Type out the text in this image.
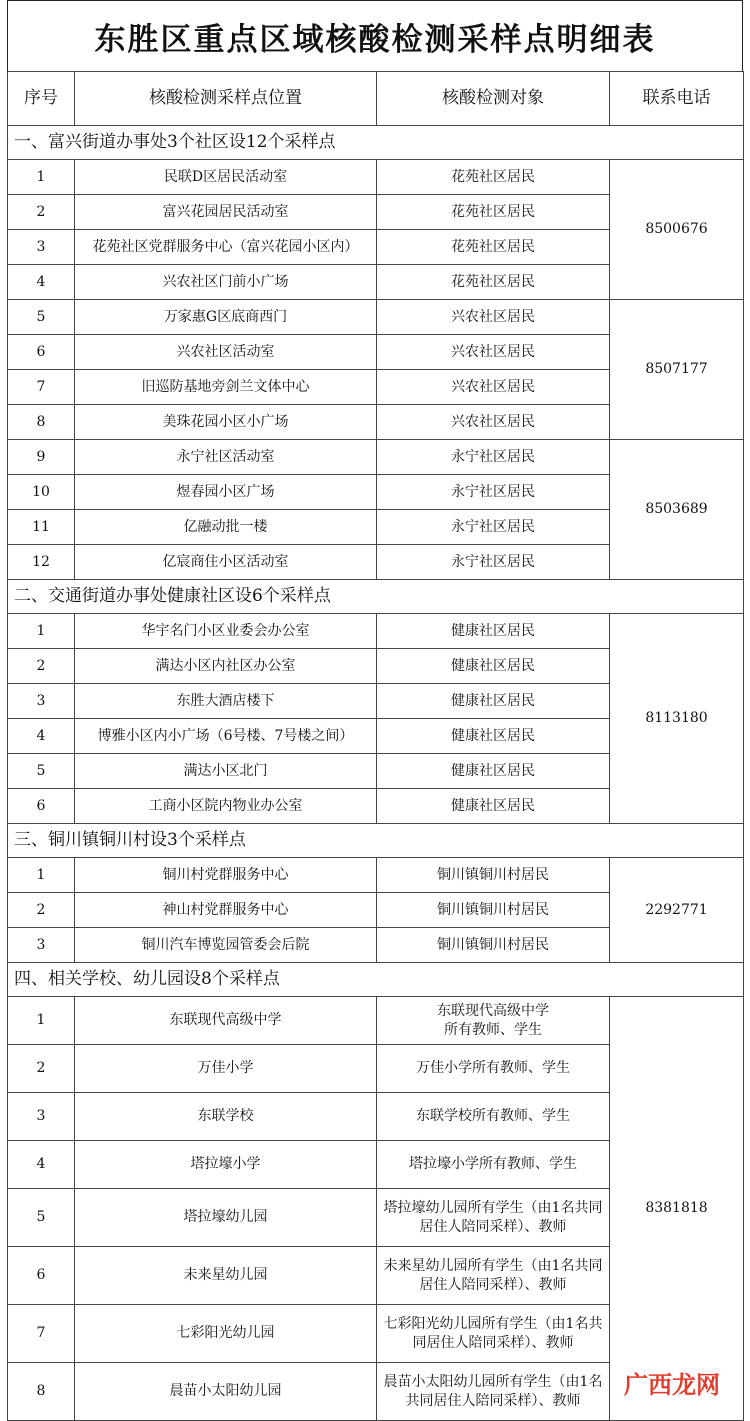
东胜区重点区域核酸检测采样点明细表
序号	核酸检测采样点位置	核酸检测对象	联系电话
一、富兴街道办事处3个社区设12个采样点			
1	民联D区居民活动室	花苑社区居民	8500676
2	富兴花园居民活动室	花苑社区居民	
3	花苑社区党群服务中心（富兴花园小区内）	花苑社区居民	
4	兴农社区门前小广场	花苑社区居民	
5	万家惠G区底商西门	兴农社区居民	8507177
6	兴农社区活动室	兴农社区居民	
7	旧巡防基地旁剑兰文体中心	兴农社区居民	
8	美珠花园小区小广场	兴农社区居民	
9	永宁社区活动室	永宁社区居民	8503689
10	煜春园小区广场	永宁社区居民	
11	亿融动批一楼	永宁社区居民	
12	亿宸商住小区活动室	永宁社区居民	
二、交通街道办事处健康社区设6个采样点			
1	华宇名门小区业委会办公室	健康社区居民	8113180
2	满达小区内社区办公室	健康社区居民	
3	东胜大酒店楼下	健康社区居民	
4	博雅小区内小广场（6号楼、7号楼之间）	健康社区居民	
5	满达小区北门	健康社区居民	
6	工商小区院内物业办公室	健康社区居民	
三、铜川镇铜川村设3个采样点			
1	铜川村党群服务中心	铜川镇铜川村居民	2292771
2	神山村党群服务中心	铜川镇铜川村居民	
3	铜川汽车博览园管委会后院	铜川镇铜川村居民	
四、相关学校、幼儿园设8个采样点			
1	东联现代高级中学	东联现代高级中学
所有教师、学生	8381818
2	万佳小学	万佳小学所有教师、学生	
3	东联学校	东联学校所有教师、学生	
4	塔拉壕小学	塔拉壕小学所有教师、学生	
5	塔拉壕幼儿园	塔拉壕幼儿园所有学生（由1名共同居住人陪同采样）、教师	
6	未来星幼儿园	未来星幼儿园所有学生（由1名共同居住人陪同采样）、教师	
7	七彩阳光幼儿园	七彩阳光幼儿园所有学生（由1名共同居住人陪同采样）、教师	
8	晨苗小太阳幼儿园	晨苗小太阳幼儿园所有学生（由1名共同居住人陪同采样）、教师	
广西龙网
